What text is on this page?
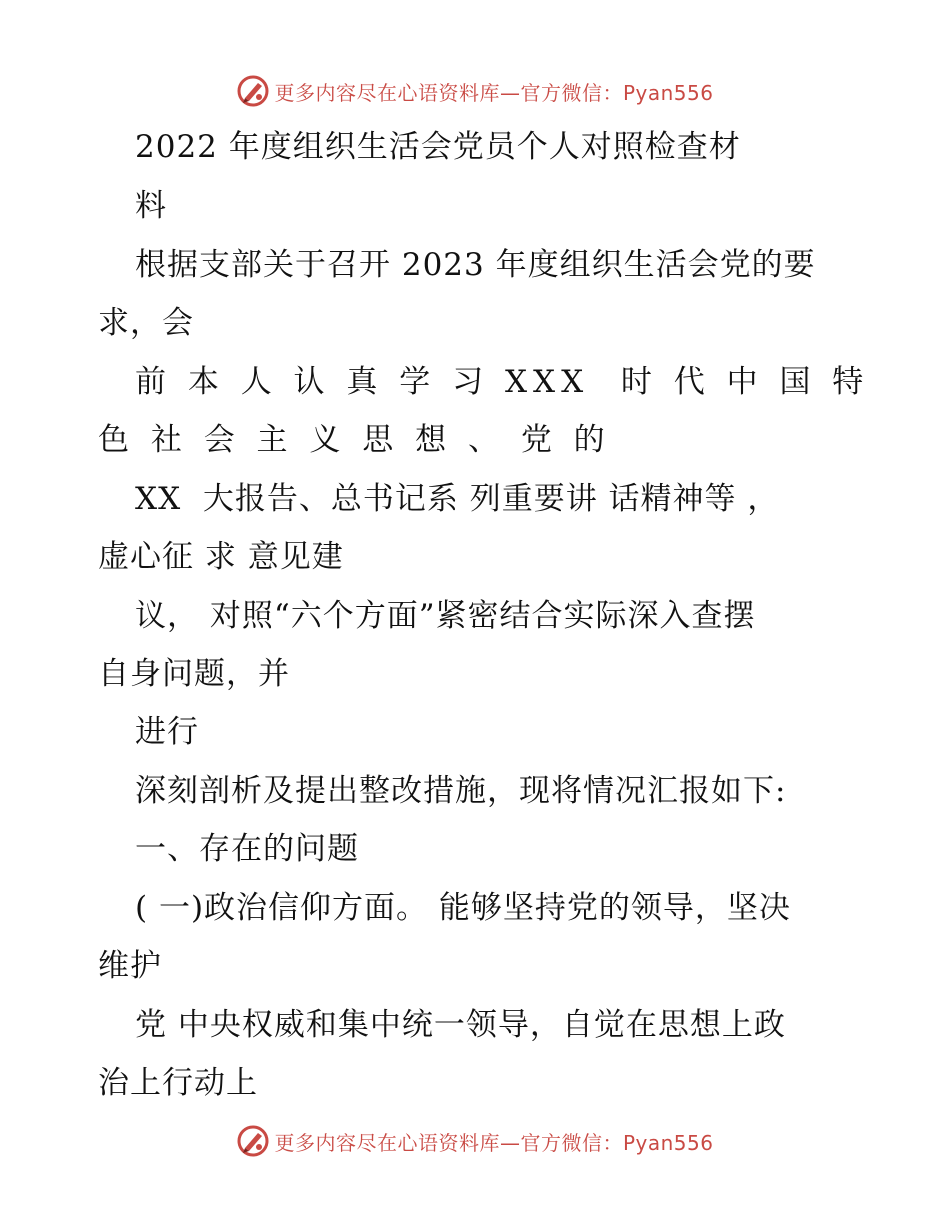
更多内容尽在心语资料库—官方微信：Pyan556
2022 年度组织生活会党员个人对照检查材
料
根据支部关于召开 2023 年度组织生活会党的要
求，会
前 本 人 认 真 学 习 XXX  时 代 中 国 特
色 社 会 主 义 思 想 、 党 的
XX  大报告、总书记系 列重要讲 话精神等 ，
虚心征 求 意见建
议， 对照“六个方面”紧密结合实际深入查摆
自身问题，并
进行
深刻剖析及提出整改措施，现将情况汇报如下:
一、存在的问题
( 一)政治信仰方面。 能够坚持党的领导，坚决
维护
党 中央权威和集中统一领导，自觉在思想上政
治上行动上
更多内容尽在心语资料库—官方微信：Pyan556
